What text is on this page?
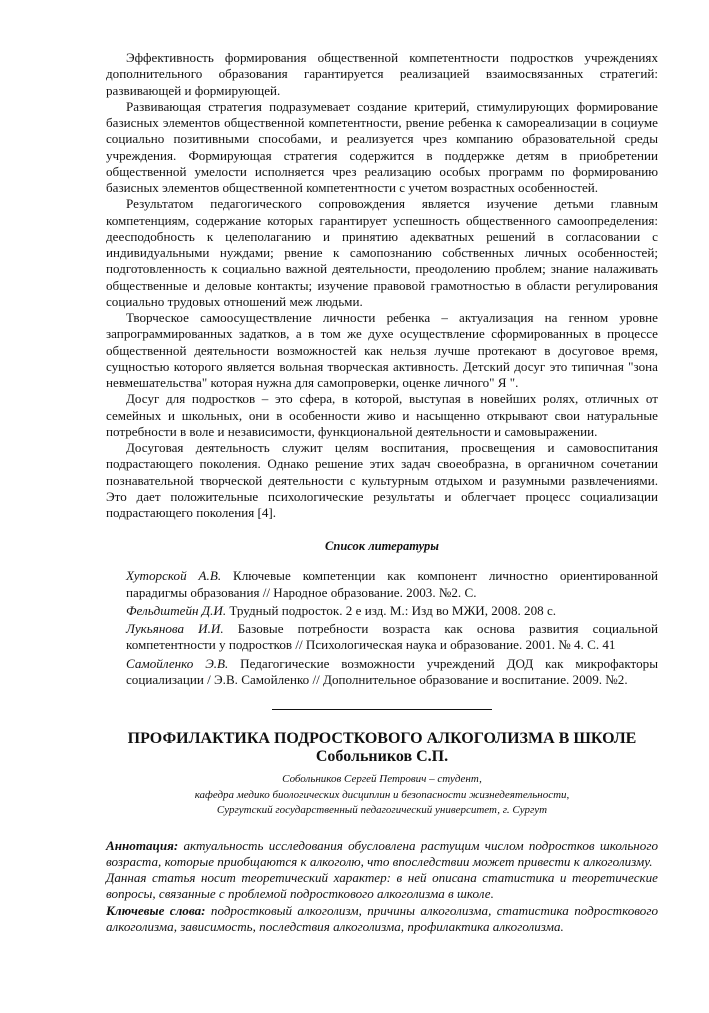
Эффективность формирования общественной компетентности подростков учреждениях дополнительного образования гарантируется реализацией взаимосвязанных стратегий: развивающей и формирующей.

Развивающая стратегия подразумевает создание критерий, стимулирующих формирование базисных элементов общественной компетентности, рвение ребенка к самореализации в социуме социально позитивными способами, и реализуется чрез компанию образовательной среды учреждения. Формирующая стратегия содержится в поддержке детям в приобретении общественной умелости исполняется чрез реализацию особых программ по формированию базисных элементов общественной компетентности с учетом возрастных особенностей.

Результатом педагогического сопровождения является изучение детьми главным компетенциям, содержание которых гарантирует успешность общественного самоопределения: деесподобность к целеполаганию и принятию адекватных решений в согласовании с индивидуальными нуждами; рвение к самопознанию собственных личных особенностей; подготовленность к социально важной деятельности, преодолению проблем; знание налаживать общественные и деловые контакты; изучение правовой грамотностью в области регулирования социально трудовых отношений меж людьми.

Творческое самоосуществление личности ребенка – актуализация на генном уровне запрограммированных задатков, а в том же духе осуществление сформированных в процессе общественной деятельности возможностей как нельзя лучше протекают в досуговое время, сущностью которого является вольная творческая активность. Детский досуг это типичная "зона невмешательства" которая нужна для самопроверки, оценке личного" Я ".

Досуг для подростков – это сфера, в которой, выступая в новейших ролях, отличных от семейных и школьных, они в особенности живо и насыщенно открывают свои натуральные потребности в воле и независимости, функциональной деятельности и самовыражении.

Досуговая деятельность служит целям воспитания, просвещения и самовоспитания подрастающего поколения. Однако решение этих задач своеобразна, в органичном сочетании познавательной творческой деятельности с культурным отдыхом и разумными развлечениями. Это дает положительные психологические результаты и облегчает процесс социализации подрастающего поколения [4].

Список литературы
Хуторской А.В. Ключевые компетенции как компонент личностно ориентированной парадигмы образования // Народное образование. 2003. №2. С.
Фельдштейн Д.И. Трудный подросток. 2 е изд. М.: Изд во МЖИ, 2008. 208 с.
Лукьянова И.И. Базовые потребности возраста как основа развития социальной компетентности у подростков // Психологическая наука и образование. 2001. № 4. С. 41
Самойленко Э.В. Педагогические возможности учреждений ДОД как микрофакторы социализации / Э.В. Самойленко // Дополнительное образование и воспитание. 2009. №2.
ПРОФИЛАКТИКА ПОДРОСТКОВОГО АЛКОГОЛИЗМА В ШКОЛЕ
Собольников С.П.
Собольников Сергей Петрович – студент,
кафедра медико биологических дисциплин и безопасности жизнедеятельности,
Сургутский государственный педагогический университет, г. Сургут

Аннотация: актуальность исследования обусловлена растущим числом подростков школьного возраста, которые приобщаются к алкоголю, что впоследствии может привести к алкоголизму.

Данная статья носит теоретический характер: в ней описана статистика и теоретические вопросы, связанные с проблемой подросткового алкоголизма в школе.

Ключевые слова: подростковый алкоголизм, причины алкоголизма, статистика подросткового алкоголизма, зависимость, последствия алкоголизма, профилактика алкоголизма.
